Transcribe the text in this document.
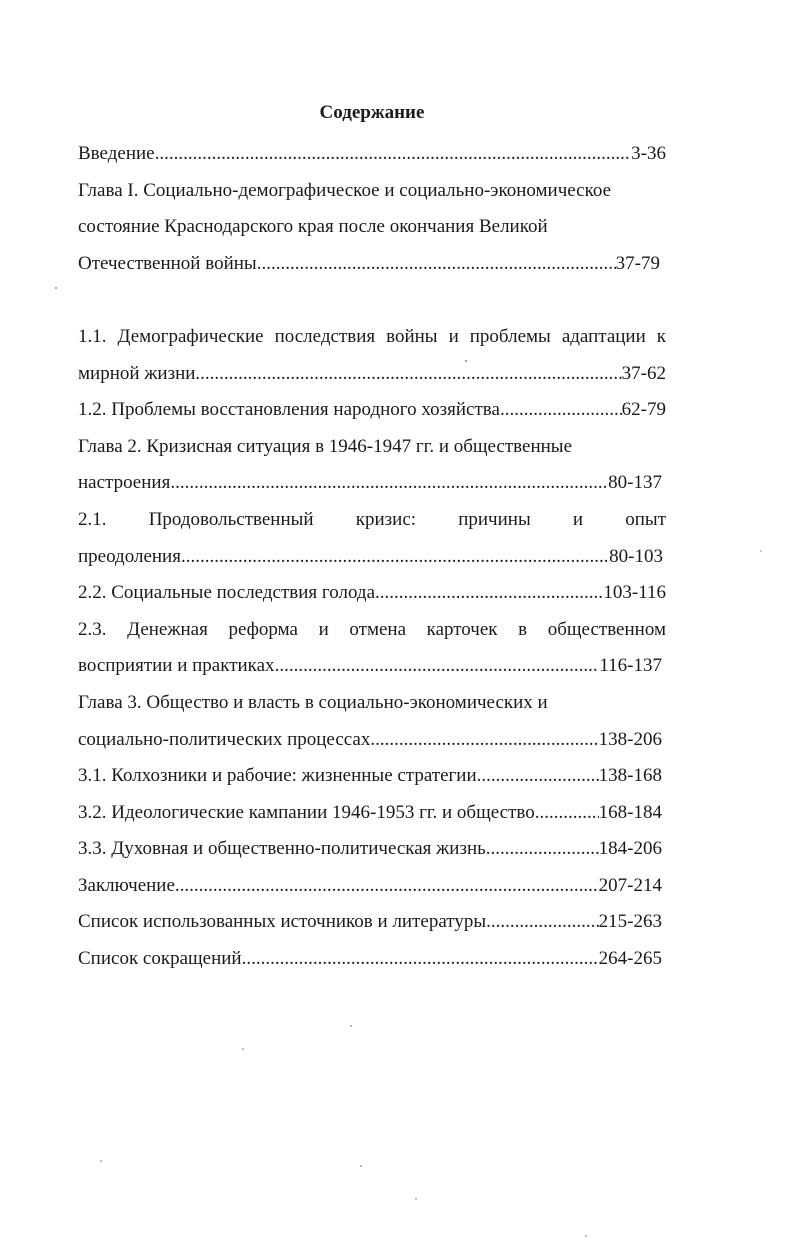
Содержание
Введение .....	3-36
Глава I. Социально-демографическое и социально-экономическое
состояние Краснодарского края после окончания Великой
Отечественной войны .....	37-79
1.1. Демографические последствия войны и проблемы адаптации к
мирной жизни. .....	37-62
1.2. Проблемы восстановления народного хозяйства .....	62-79
Глава 2. Кризисная ситуация в 1946-1947 гг. и общественные
настроения .....	80-137
2.1. Продовольственный кризис: причины и опыт
преодоления .....	80-103
2.2. Социальные последствия голода .....	103-116
2.3. Денежная реформа и отмена карточек в общественном
восприятии и практиках .....	116-137
Глава 3. Общество и власть в социально-экономических и
социально-политических процессах .....	138-206
3.1. Колхозники и рабочие: жизненные стратегии .....	138-168
3.2. Идеологические кампании 1946-1953 гг. и общество .....	168-184
3.3. Духовная и общественно-политическая жизнь .....	184-206
Заключение .....	207-214
Список использованных источников и литературы .....	215-263
Список сокращений .....	264-265
